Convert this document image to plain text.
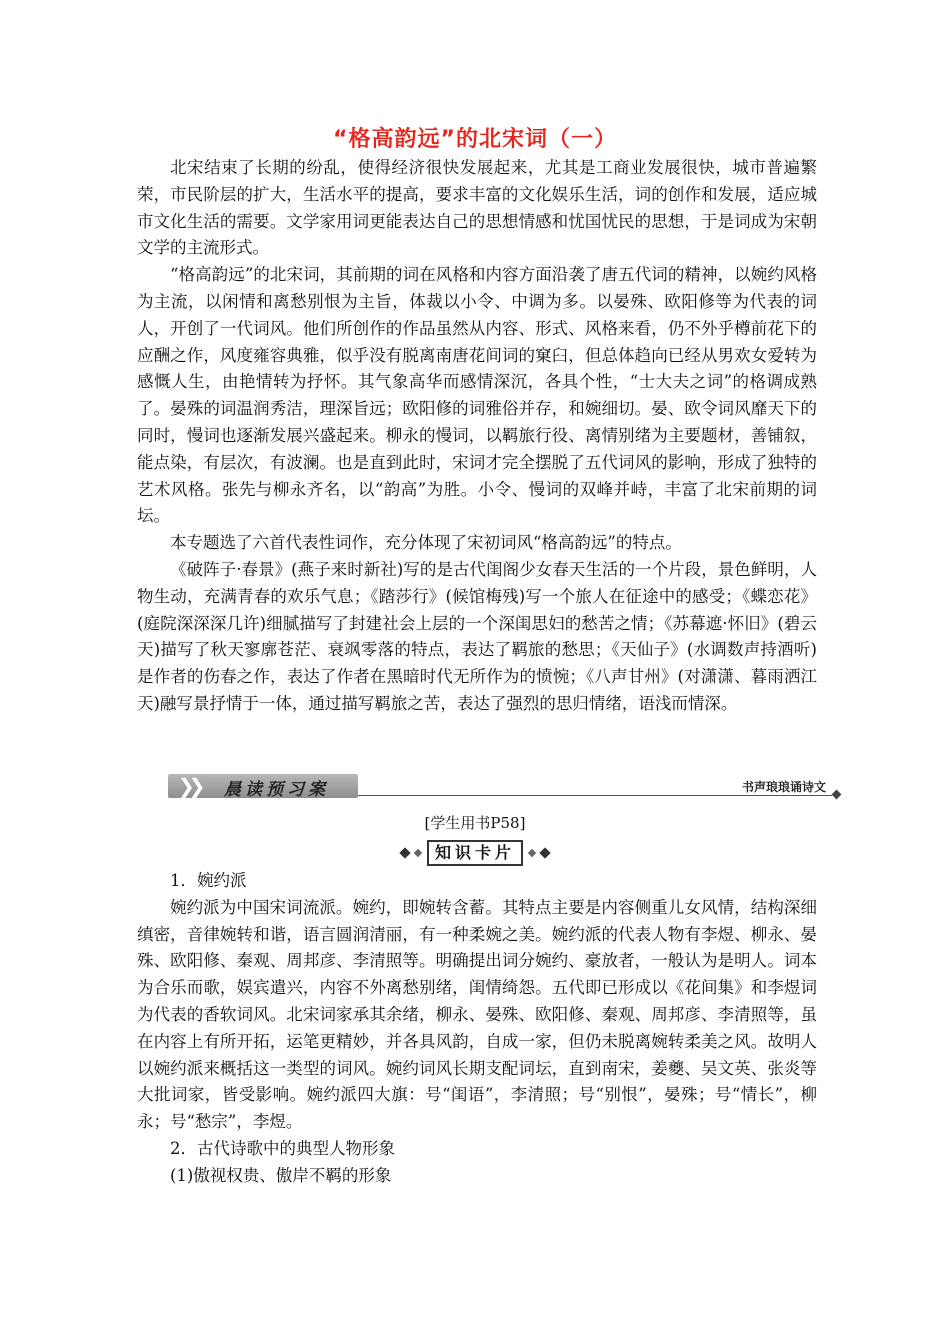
“格高韵远”的北宋词（一）

北宋结束了长期的纷乱，使得经济很快发展起来，尤其是工商业发展很快，城市普遍繁荣，市民阶层的扩大，生活水平的提高，要求丰富的文化娱乐生活，词的创作和发展，适应城市文化生活的需要。文学家用词更能表达自己的思想情感和忧国忧民的思想，于是词成为宋朝文学的主流形式。

“格高韵远”的北宋词，其前期的词在风格和内容方面沿袭了唐五代词的精神，以婉约风格为主流，以闲情和离愁别恨为主旨，体裁以小令、中调为多。以晏殊、欧阳修等为代表的词人，开创了一代词风。他们所创作的作品虽然从内容、形式、风格来看，仍不外乎樽前花下的应酬之作，风度雍容典雅，似乎没有脱离南唐花间词的窠臼，但总体趋向已经从男欢女爱转为感慨人生，由艳情转为抒怀。其气象高华而感情深沉，各具个性，“士大夫之词”的格调成熟了。晏殊的词温润秀洁，理深旨远；欧阳修的词雅俗并存，和婉细切。晏、欧令词风靡天下的同时，慢词也逐渐发展兴盛起来。柳永的慢词，以羁旅行役、离情别绪为主要题材，善铺叙，能点染，有层次，有波澜。也是直到此时，宋词才完全摆脱了五代词风的影响，形成了独特的艺术风格。张先与柳永齐名，以“韵高”为胜。小令、慢词的双峰并峙，丰富了北宋前期的词坛。

本专题选了六首代表性词作，充分体现了宋初词风“格高韵远”的特点。

《破阵子·春景》(燕子来时新社)写的是古代闺阁少女春天生活的一个片段，景色鲜明，人物生动，充满青春的欢乐气息；《踏莎行》(候馆梅残)写一个旅人在征途中的感受；《蝶恋花》(庭院深深深几许)细腻描写了封建社会上层的一个深闺思妇的愁苦之情；《苏幕遮·怀旧》(碧云天)描写了秋天寥廓苍茫、衰飒零落的特点，表达了羁旅的愁思；《天仙子》(水调数声持酒听)是作者的伤春之作，表达了作者在黑暗时代无所作为的愤惋；《八声甘州》(对潇潇、暮雨洒江天)融写景抒情于一体，通过描写羁旅之苦，表达了强烈的思归情绪，语浅而情深。

❯❯ 晨读预习案	书声琅琅诵诗文
[学生用书P58]
知识卡片

1．婉约派

婉约派为中国宋词流派。婉约，即婉转含蓄。其特点主要是内容侧重儿女风情，结构深细缜密，音律婉转和谐，语言圆润清丽，有一种柔婉之美。婉约派的代表人物有李煜、柳永、晏殊、欧阳修、秦观、周邦彦、李清照等。明确提出词分婉约、豪放者，一般认为是明人。词本为合乐而歌，娱宾遣兴，内容不外离愁别绪，闺情绮怨。五代即已形成以《花间集》和李煜词为代表的香软词风。北宋词家承其余绪，柳永、晏殊、欧阳修、秦观、周邦彦、李清照等，虽在内容上有所开拓，运笔更精妙，并各具风韵，自成一家，但仍未脱离婉转柔美之风。故明人以婉约派来概括这一类型的词风。婉约词风长期支配词坛，直到南宋，姜夔、吴文英、张炎等大批词家，皆受影响。婉约派四大旗：号“闺语”，李清照；号“别恨”，晏殊；号“情长”，柳永；号“愁宗”，李煜。

2．古代诗歌中的典型人物形象

(1)傲视权贵、傲岸不羁的形象
